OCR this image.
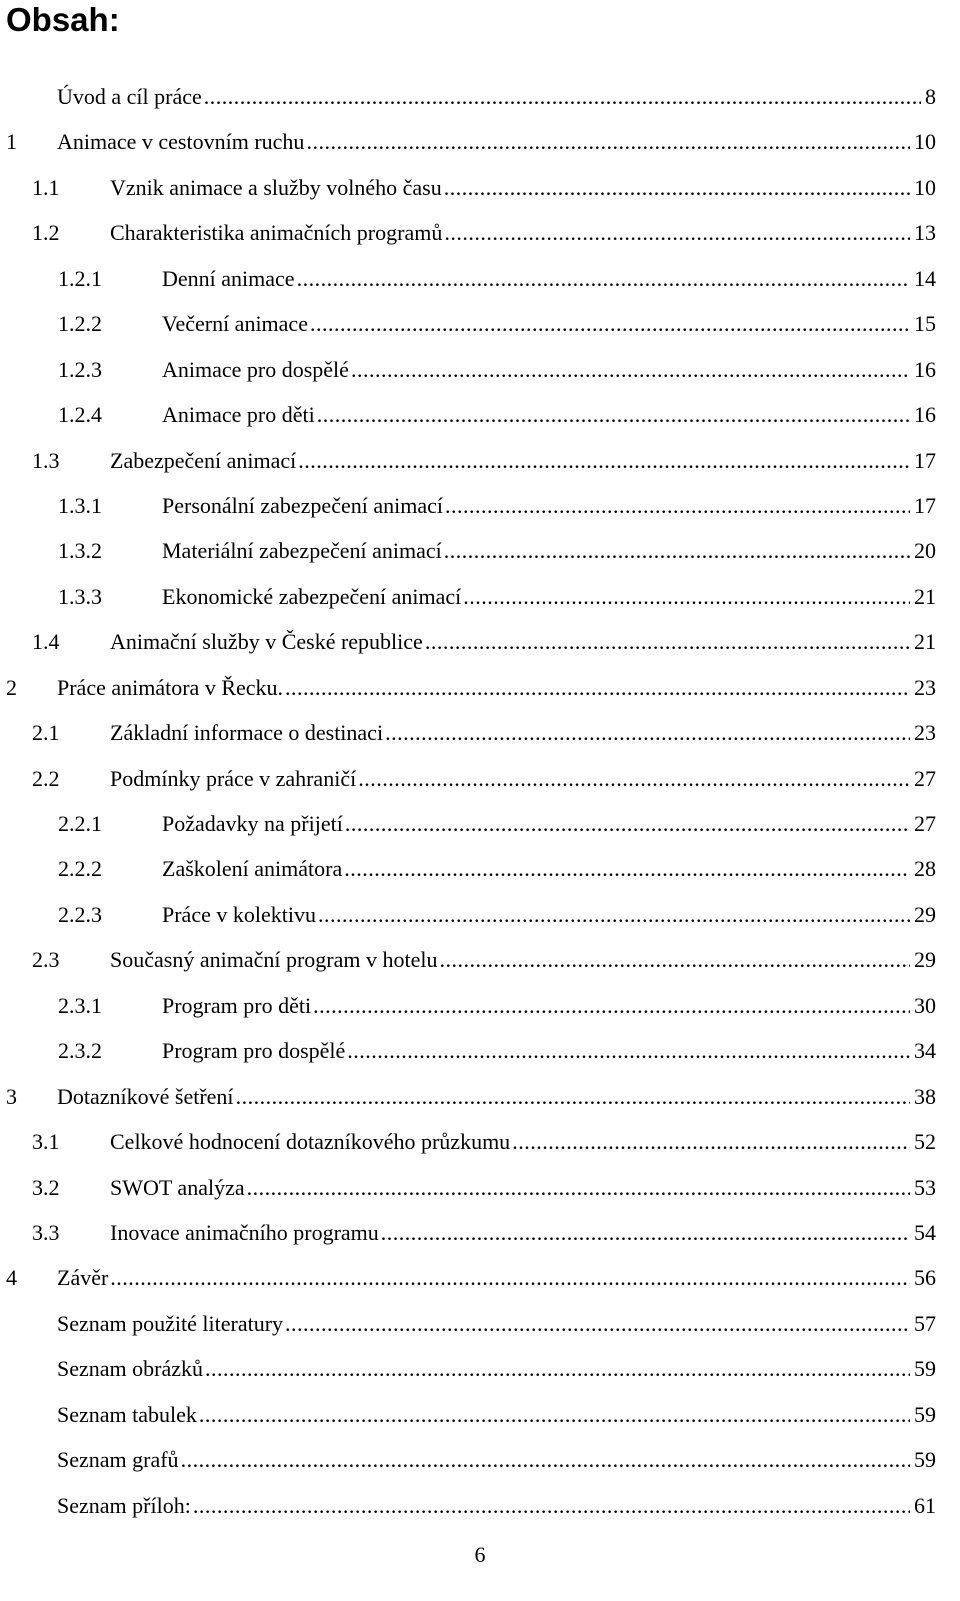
Obsah:
Úvod a cíl práce .....	8
1 Animace v cestovním ruchu .....	10
1.1 Vznik animace a služby volného času .....	10
1.2 Charakteristika animačních programů .....	13
1.2.1	Denní animace .....	14
1.2.2	Večerní animace .....	15
1.2.3	Animace pro dospělé .....	16
1.2.4	Animace pro děti .....	16
1.3 Zabezpečení animací .....	17
1.3.1	Personální zabezpečení animací .....	17
1.3.2	Materiální zabezpečení animací .....	20
1.3.3	Ekonomické zabezpečení animací .....	21
1.4 Animační služby v České republice .....	21
2 Práce animátora v Řecku. .....	23
2.1 Základní informace o destinaci .....	23
2.2 Podmínky práce v zahraničí .....	27
2.2.1	Požadavky na přijetí .....	27
2.2.2	Zaškolení animátora .....	28
2.2.3	Práce v kolektivu .....	29
2.3 Současný animační program v hotelu .....	29
2.3.1	Program pro děti .....	30
2.3.2	Program pro dospělé .....	34
3 Dotazníkové šetření .....	38
3.1 Celkové hodnocení dotazníkového průzkumu .....	52
3.2 SWOT analýza .....	53
3.3 Inovace animačního programu .....	54
4 Závěr .....	56
Seznam použité literatury .....	57
Seznam obrázků .....	59
Seznam tabulek .....	59
Seznam grafů .....	59
Seznam příloh: .....	61
6
